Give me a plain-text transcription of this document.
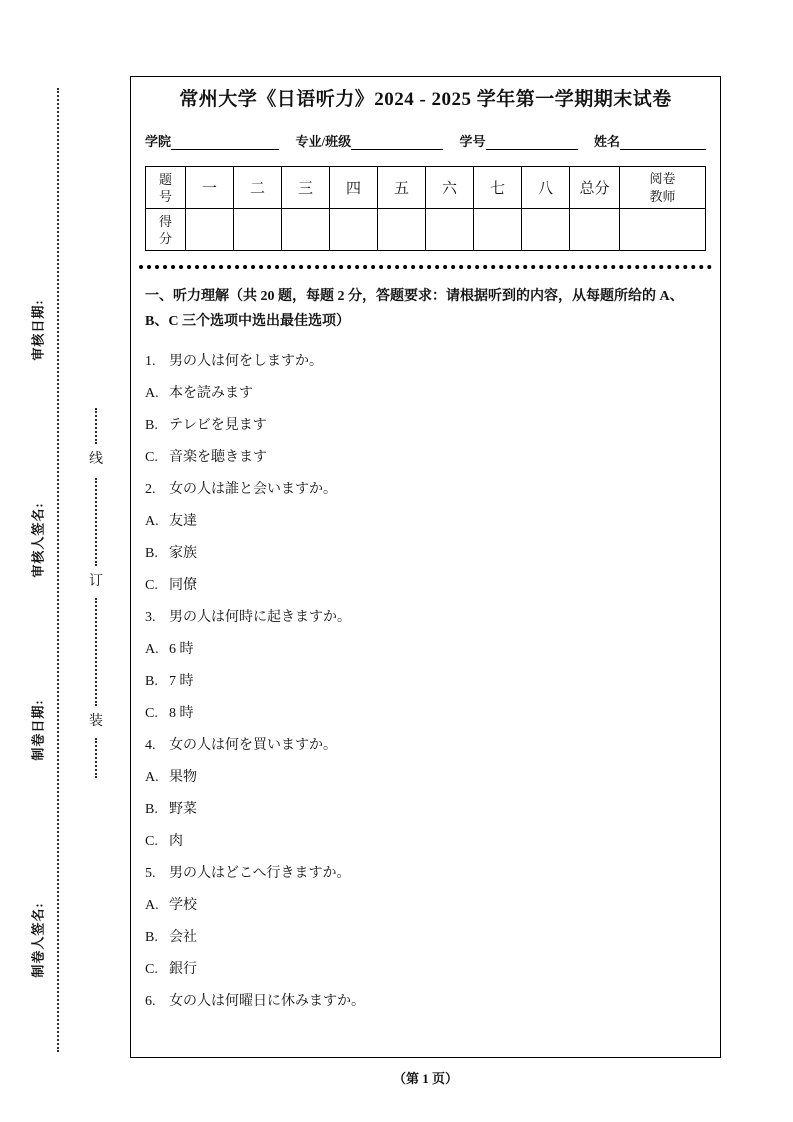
审核日期:
审核人签名:
制卷日期:
制卷人签名:
线
订
装
常州大学《日语听力》2024 - 2025 学年第一学期期末试卷
学院	专业/班级	学号	姓名
题号	一	二	三	四	五	六	七	八	总分	阅卷教师
得分										
一、听力理解（共 20 题，每题 2 分，答题要求：请根据听到的内容，从每题所给的 A、
B、C 三个选项中选出最佳选项）
1. 男の人は何をしますか。
A. 本を読みます
B. テレビを見ます
C. 音楽を聴きます
2. 女の人は誰と会いますか。
A. 友達
B. 家族
C. 同僚
3. 男の人は何時に起きますか。
A. 6 時
B. 7 時
C. 8 時
4. 女の人は何を買いますか。
A. 果物
B. 野菜
C. 肉
5. 男の人はどこへ行きますか。
A. 学校
B. 会社
C. 銀行
6. 女の人は何曜日に休みますか。
（第 1 页）
